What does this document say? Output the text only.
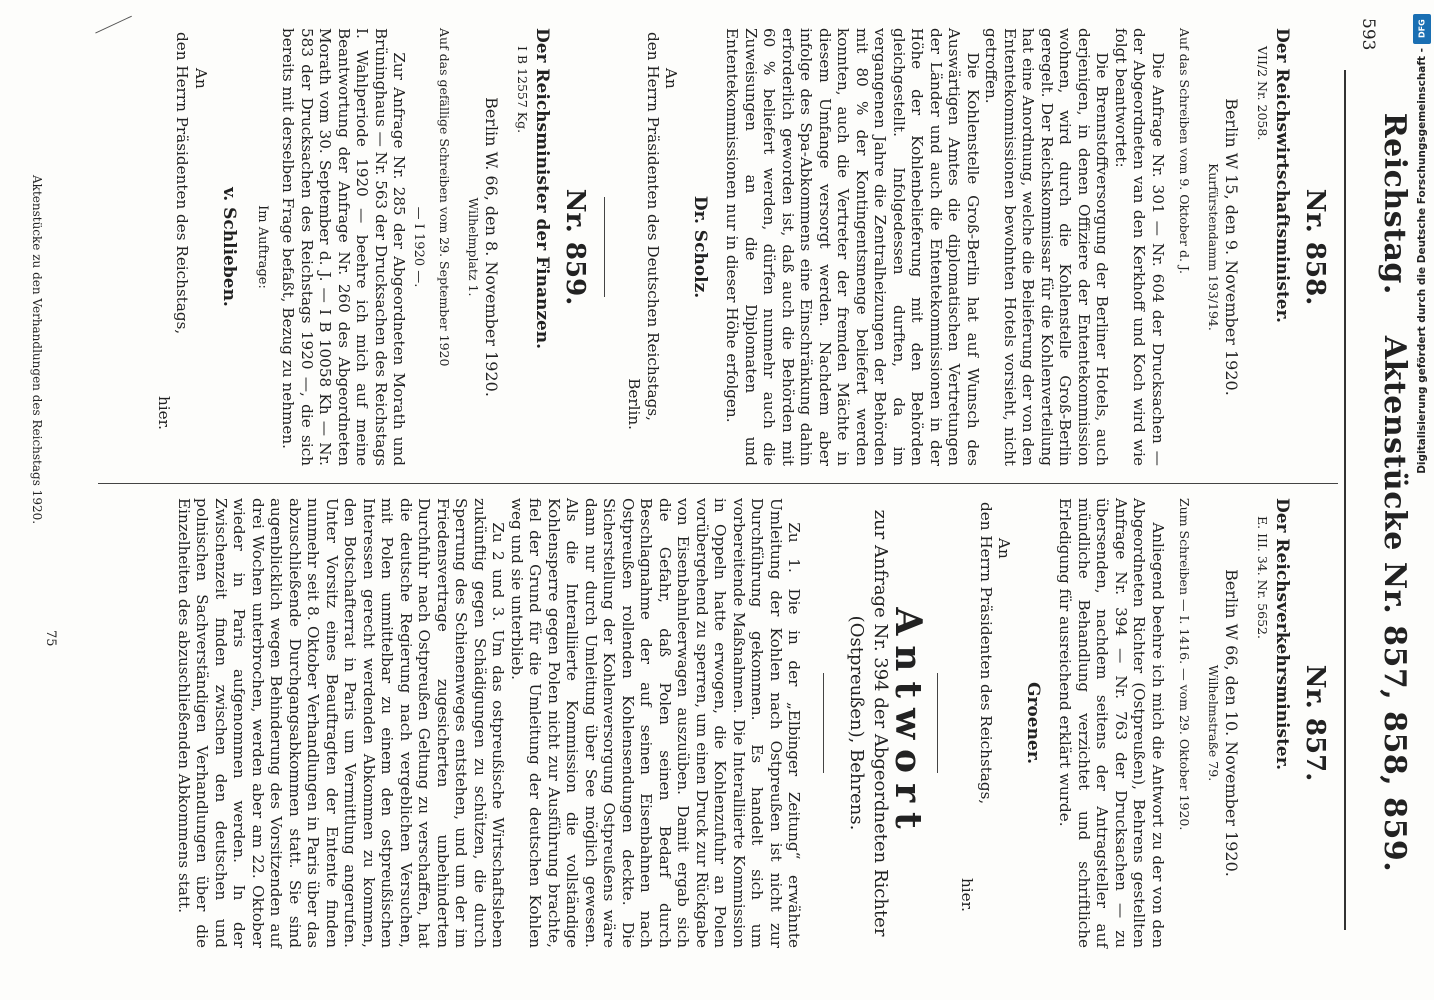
593
Reichstag. Aktenstücke Nr. 857, 858, 859.
Nr. 858.
Der Reichswirtschaftsminister.
VII/2 Nr. 2058.
Berlin W 15, den 9. November 1920.
Kurfürstendamm 193/194.
Auf das Schreiben vom 9. Oktober d. J.

Die Anfrage Nr. 301 — Nr. 604 der Drucksachen — der Abgeordneten van den Kerkhoff und Koch wird wie folgt beantwortet:

Die Brennstoffversorgung der Berliner Hotels, auch derjenigen, in denen Offiziere der Ententekommission wohnen, wird durch die Kohlenstelle Groß-Berlin geregelt. Der Reichskommissar für die Kohlenverteilung hat eine Anordnung, welche die Belieferung der von den Ententekommissionen bewohnten Hotels vorsieht, nicht getroffen.

Die Kohlenstelle Groß-Berlin hat auf Wunsch des Auswärtigen Amtes die diplomatischen Vertretungen der Länder und auch die Ententekommissionen in der Höhe der Kohlenbelieferung mit den Behörden gleichgestellt. Infolgedessen durften, da im vergangenen Jahre die Zentralheizungen der Behörden mit 80 % der Kontingentsmenge beliefert werden konnten, auch die Vertreter der fremden Mächte in diesem Umfange versorgt werden. Nachdem aber infolge des Spa-Abkommens eine Einschränkung dahin erforderlich geworden ist, daß auch die Behörden mit 60 % beliefert werden, dürfen nunmehr auch die Zuweisungen an die Diplomaten und Ententekommissionen nur in dieser Höhe erfolgen.

Dr. Scholz.
An
den Herrn Präsidenten des Deutschen Reichstags,
Berlin.
Nr. 859.
Der Reichsminister der Finanzen.
I B 12557 Kg.
Berlin W. 66, den 8. November 1920.
Wilhelmplatz 1.
Auf das gefällige Schreiben vom 29. September 1920
— I 1920 —.

Zur Anfrage Nr. 285 der Abgeordneten Morath und Brüninghaus — Nr. 563 der Drucksachen des Reichstags I. Wahlperiode 1920 — beehre ich mich auf meine Beantwortung der Anfrage Nr. 260 des Abgeordneten Morath vom 30. September d. J. — I B 10058 Kh — Nr. 583 der Drucksachen des Reichstags 1920 —, die sich bereits mit derselben Frage befaßt, Bezug zu nehmen.

Im Auftrage:
v. Schlieben.
An
den Herrn Präsidenten des Reichstags,
hier.
Nr. 857.
Der Reichsverkehrsminister.
E. III. 34. Nr. 5652.
Berlin W 66, den 10. November 1920.
Wilhelmstraße 79.
Zum Schreiben — I. 1416. — vom 29. Oktober 1920.

Anliegend beehre ich mich die Antwort zu der von den Abgeordneten Richter (Ostpreußen), Behrens gestellten Anfrage Nr. 394 — Nr. 763 der Drucksachen — zu übersenden, nachdem seitens der Antragsteller auf mündliche Behandlung verzichtet und schriftliche Erledigung für ausreichend erklärt wurde.

Groener.
An
den Herrn Präsidenten des Reichstags,
hier.
Antwort
zur Anfrage Nr. 394 der Abgeordneten Richter (Ostpreußen), Behrens.

Zu 1. Die in der „Elbinger Zeitung“ erwähnte Umleitung der Kohlen nach Ostpreußen ist nicht zur Durchführung gekommen. Es handelt sich um vorbereitende Maßnahmen. Die Interalliierte Kommission in Oppeln hatte erwogen, die Kohlenzufuhr an Polen vorübergehend zu sperren, um einen Druck zur Rückgabe von Eisenbahnleerwagen auszuüben. Damit ergab sich die Gefahr, daß Polen seinen Bedarf durch Beschlagnahme der auf seinen Eisenbahnen nach Ostpreußen rollenden Kohlensendungen deckte. Die Sicherstellung der Kohlenversorgung Ostpreußens wäre dann nur durch Umleitung über See möglich gewesen. Als die Interalliierte Kommission die vollständige Kohlensperre gegen Polen nicht zur Ausführung brachte, fiel der Grund für die Umleitung der deutschen Kohlen weg und sie unterblieb.

Zu 2 und 3. Um das ostpreußische Wirtschaftsleben zukünftig gegen Schädigungen zu schützen, die durch Sperrung des Schienenweges entstehen, und um der im Friedensvertrage zugesicherten unbehinderten Durchfuhr nach Ostpreußen Geltung zu verschaffen, hat die deutsche Regierung nach vergeblichen Versuchen, mit Polen unmittelbar zu einem den ostpreußischen Interessen gerecht werdenden Abkommen zu kommen, den Botschafterrat in Paris um Vermittlung angerufen. Unter Vorsitz eines Beauftragten der Entente finden nunmehr seit 8. Oktober Verhandlungen in Paris über das abzuschließende Durchgangsabkommen statt. Sie sind augenblicklich wegen Behinderung des Vorsitzenden auf drei Wochen unterbrochen, werden aber am 22. Oktober wieder in Paris aufgenommen werden. In der Zwischenzeit finden zwischen den deutschen und polnischen Sachverständigen Verhandlungen über die Einzelheiten des abzuschließenden Abkommens statt.

75
Aktenstücke zu den Verhandlungen des Reichstags 1920.
DFG
Digitalisierung gefördert durch die Deutsche Forschungsgemeinschaft -
